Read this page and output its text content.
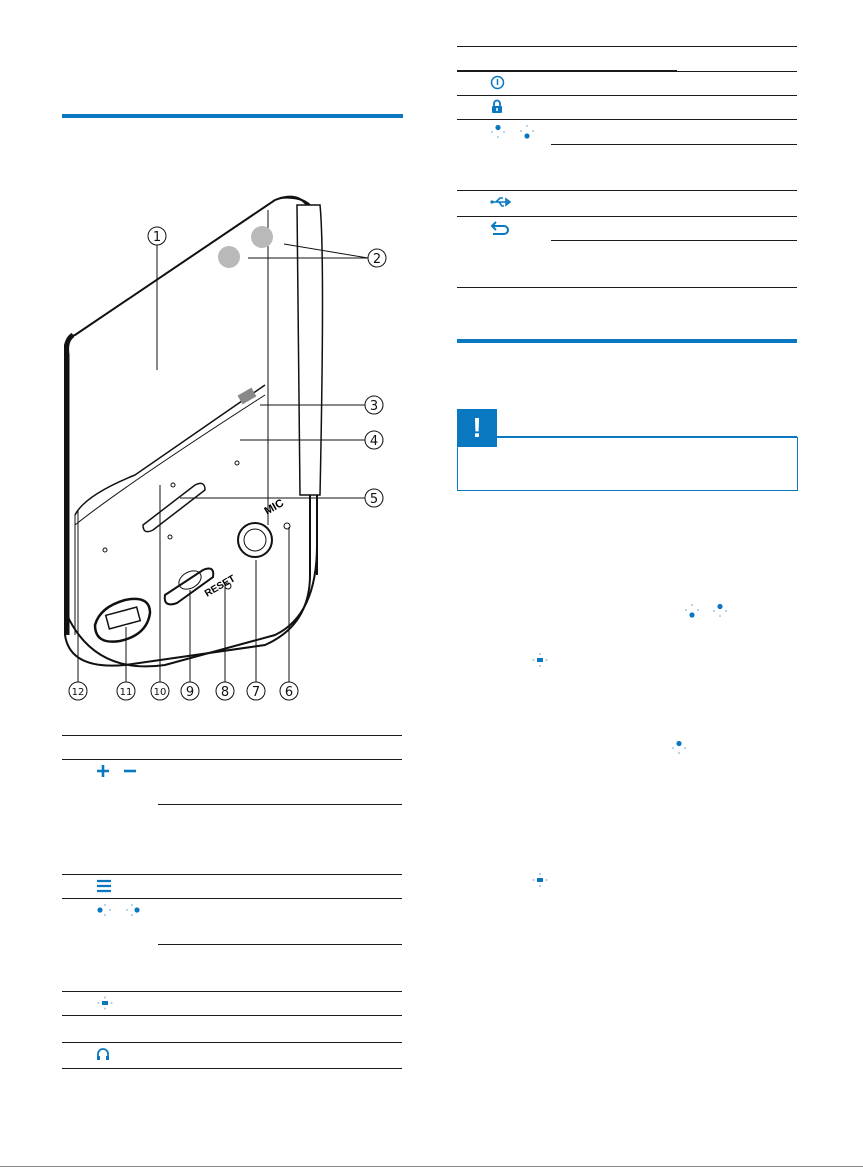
MIC
RESET
1
2
3
4
5
6
7
8
9
10
11
12
!
